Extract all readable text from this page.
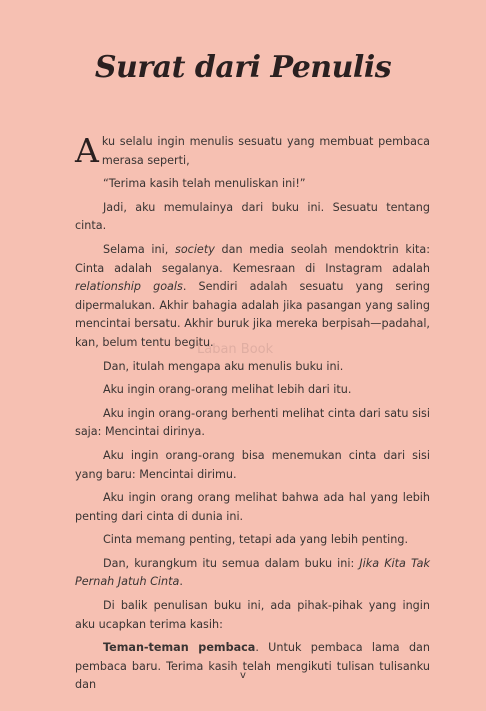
Surat dari Penulis

Aku selalu ingin menulis sesuatu yang membuat pembaca merasa seperti,

“Terima kasih telah menuliskan ini!”

Jadi, aku memulainya dari buku ini. Sesuatu tentang cinta.

Selama ini, society dan media seolah mendoktrin kita: Cinta adalah segalanya. Kemesraan di Instagram adalah relationship goals. Sendiri adalah sesuatu yang sering dipermalukan. Akhir bahagia adalah jika pasangan yang saling mencintai bersatu. Akhir buruk jika mereka berpisah—padahal, kan, belum tentu begitu.

Dan, itulah mengapa aku menulis buku ini.

Aku ingin orang-orang melihat lebih dari itu.

Aku ingin orang-orang berhenti melihat cinta dari satu sisi saja: Mencintai dirinya.

Aku ingin orang-orang bisa menemukan cinta dari sisi yang baru: Mencintai dirimu.

Aku ingin orang orang melihat bahwa ada hal yang lebih penting dari cinta di dunia ini.

Cinta memang penting, tetapi ada yang lebih penting.

Dan, kurangkum itu semua dalam buku ini: Jika Kita Tak Pernah Jatuh Cinta.

Di balik penulisan buku ini, ada pihak-pihak yang ingin aku ucapkan terima kasih:

Teman-teman pembaca. Untuk pembaca lama dan pembaca baru. Terima kasih telah mengikuti tulisan tulisanku dan

Laban Book
v
